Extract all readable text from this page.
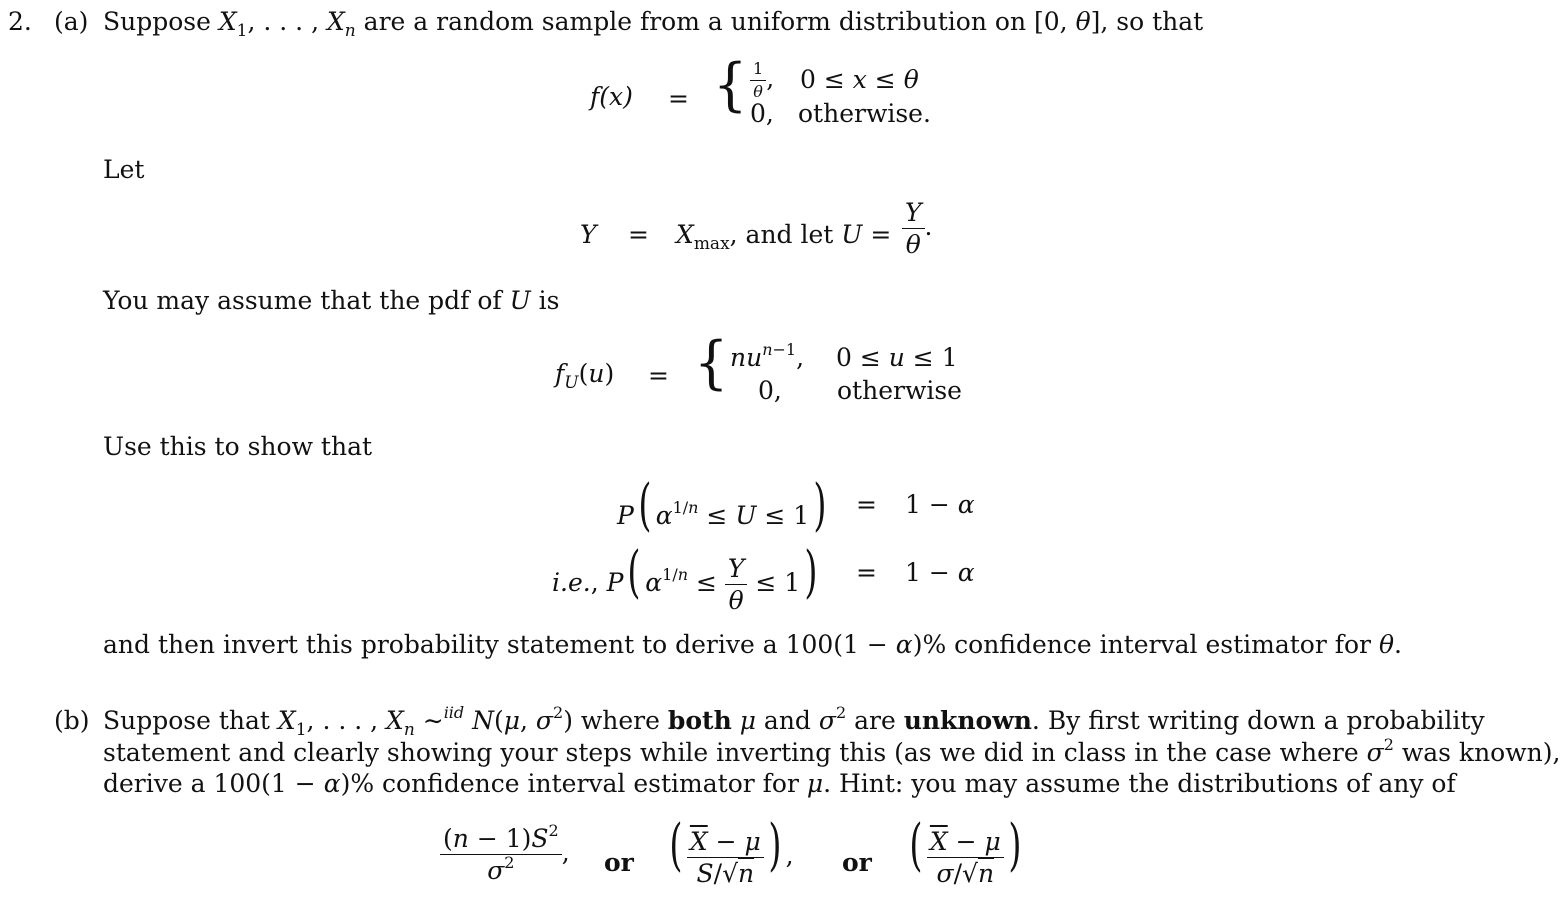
2. (a) Suppose $X_1$, . . . , $X_n$ are a random sample from a uniform distribution on [0, θ], so that
f(x) = { $\frac{1}{\theta}$ , 0 ≤ x ≤ θ
0, otherwise.
Let
$Y = X_{max}$, and let $U = \frac{Y}{\theta}$ .
You may assume that the pdf of U is
$f_U(u)$ = { $nu^{n-1}$, 0 ≤ u ≤ 1
0, otherwise
Use this to show that
P( $\alpha^{1/n} \le U \le 1) = 1 - \alpha$
i.e., P( $\alpha^{1/n} \le \frac{Y}{\theta} \le 1) = 1 - \alpha$
and then invert this probability statement to derive a 100(1 − α)% confidence interval estimator for θ.
(b) Suppose that $X_1$, . . . , $X_n$ ∼$^{iid}$ N(μ, $\sigma^2$) where both μ and $\sigma^2$ are unknown. By first writing down a probability
statement and clearly showing your steps while inverting this (as we did in class in the case where $\sigma^2$ was known),
derive a 100(1 − α)% confidence interval estimator for μ. Hint: you may assume the distributions of any of
$\frac{(n - 1)S^2}{\sigma^2}$ , or ( $\frac{\overline{X} - \mu}{S/√n}$ ) , or ( $\frac{\overline{X} - \mu}{\sigma/√n}$ )
